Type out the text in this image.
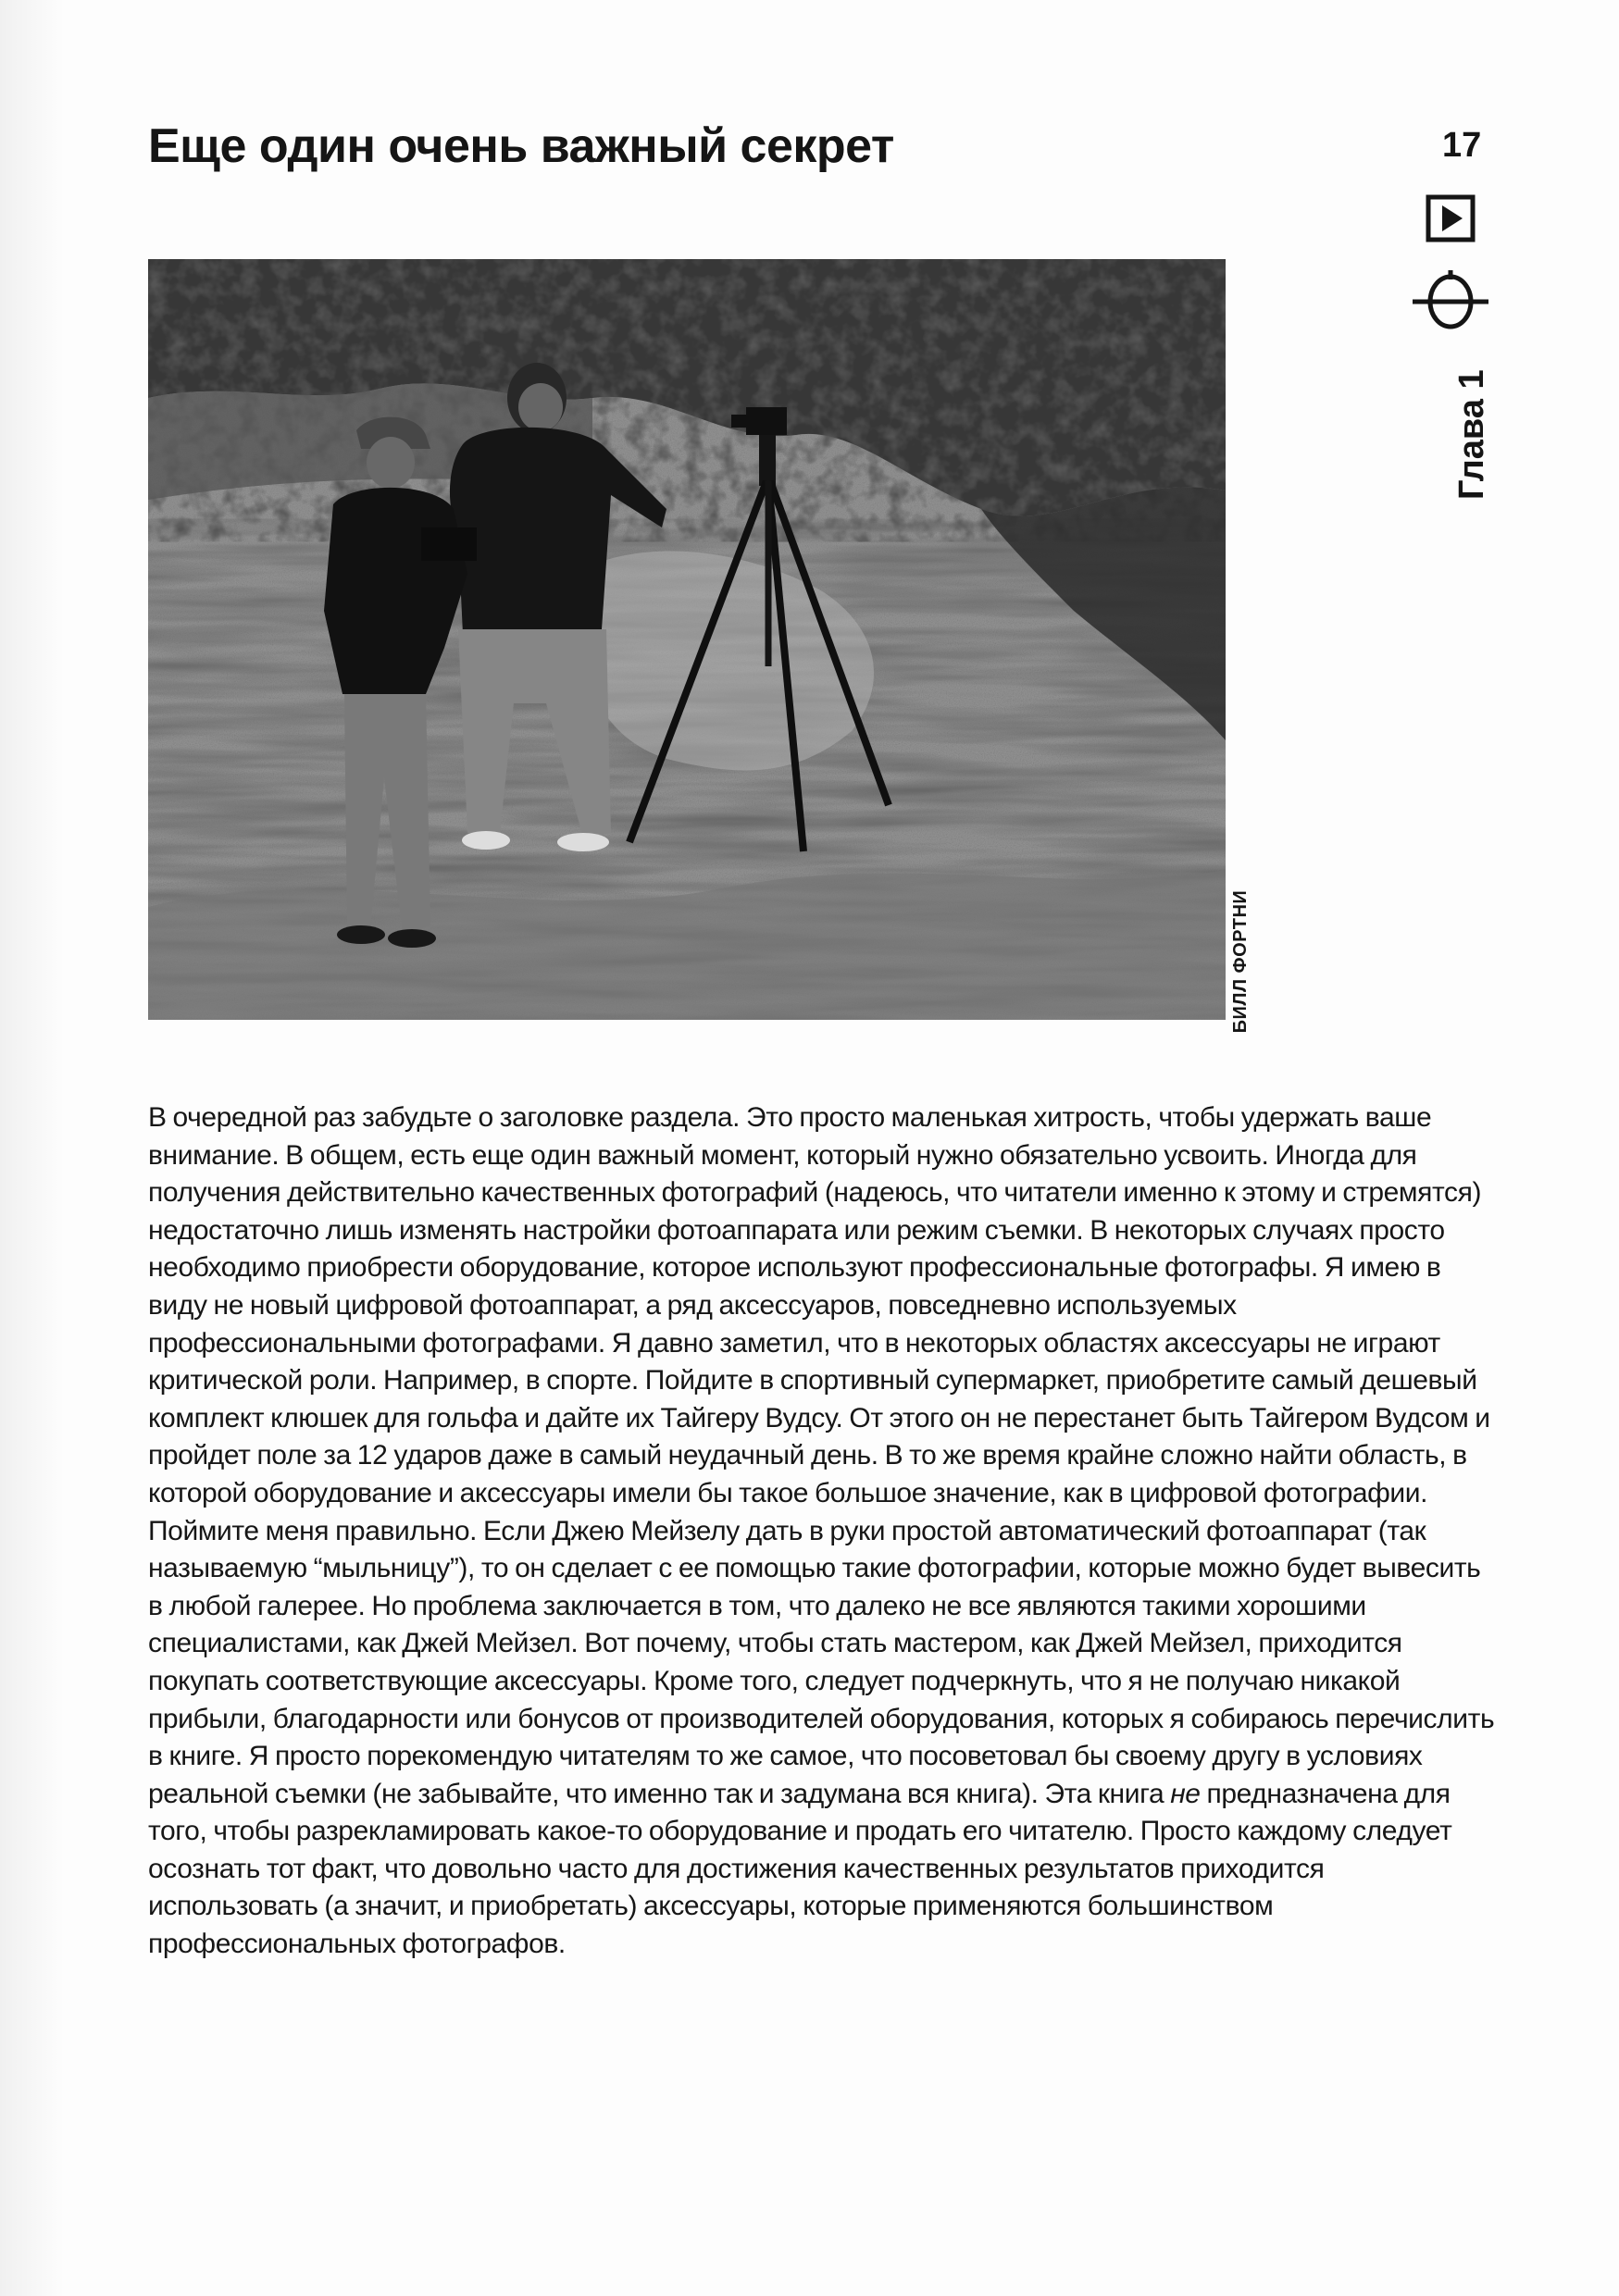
Еще один очень важный секрет	17
Глава 1
БИЛЛ ФОРТНИ

В очередной раз забудьте о заголовке раздела. Это просто маленькая хитрость, чтобы удержать ваше внимание. В общем, есть еще один важный момент, который нужно обязательно усвоить. Иногда для получения действительно качественных фотографий (надеюсь, что читатели именно к этому и стремятся) недостаточно лишь изменять настройки фотоаппарата или режим съемки. В некоторых случаях просто необходимо приобрести оборудование, которое используют профессиональные фотографы. Я имею в виду не новый цифровой фотоаппарат, а ряд аксессуаров, повседневно используемых профессиональными фотографами. Я давно заметил, что в некоторых областях аксессуары не играют критической роли. Например, в спорте. Пойдите в спортивный супермаркет, приобретите самый дешевый комплект клюшек для гольфа и дайте их Тайгеру Вудсу. От этого он не перестанет быть Тайгером Вудсом и пройдет поле за 12 ударов даже в самый неудачный день. В то же время крайне сложно найти область, в которой оборудование и аксессуары имели бы такое большое значение, как в цифровой фотографии. Поймите меня правильно. Если Джею Мейзелу дать в руки простой автоматический фотоаппарат (так называемую “мыльницу”), то он сделает с ее помощью такие фотографии, которые можно будет вывесить в любой галерее. Но проблема заключается в том, что далеко не все являются такими хорошими специалистами, как Джей Мейзел. Вот почему, чтобы стать мастером, как Джей Мейзел, приходится покупать соответствующие аксессуары. Кроме того, следует подчеркнуть, что я не получаю никакой прибыли, благодарности или бонусов от производителей оборудования, которых я собираюсь перечислить в книге. Я просто порекомендую читателям то же самое, что посоветовал бы своему другу в условиях реальной съемки (не забывайте, что именно так и задумана вся книга). Эта книга не предназначена для того, чтобы разрекламировать какое-то оборудование и продать его читателю. Просто каждому следует осознать тот факт, что довольно часто для достижения качественных результатов приходится использовать (а значит, и приобретать) аксессуары, которые применяются большинством профессиональных фотографов.
